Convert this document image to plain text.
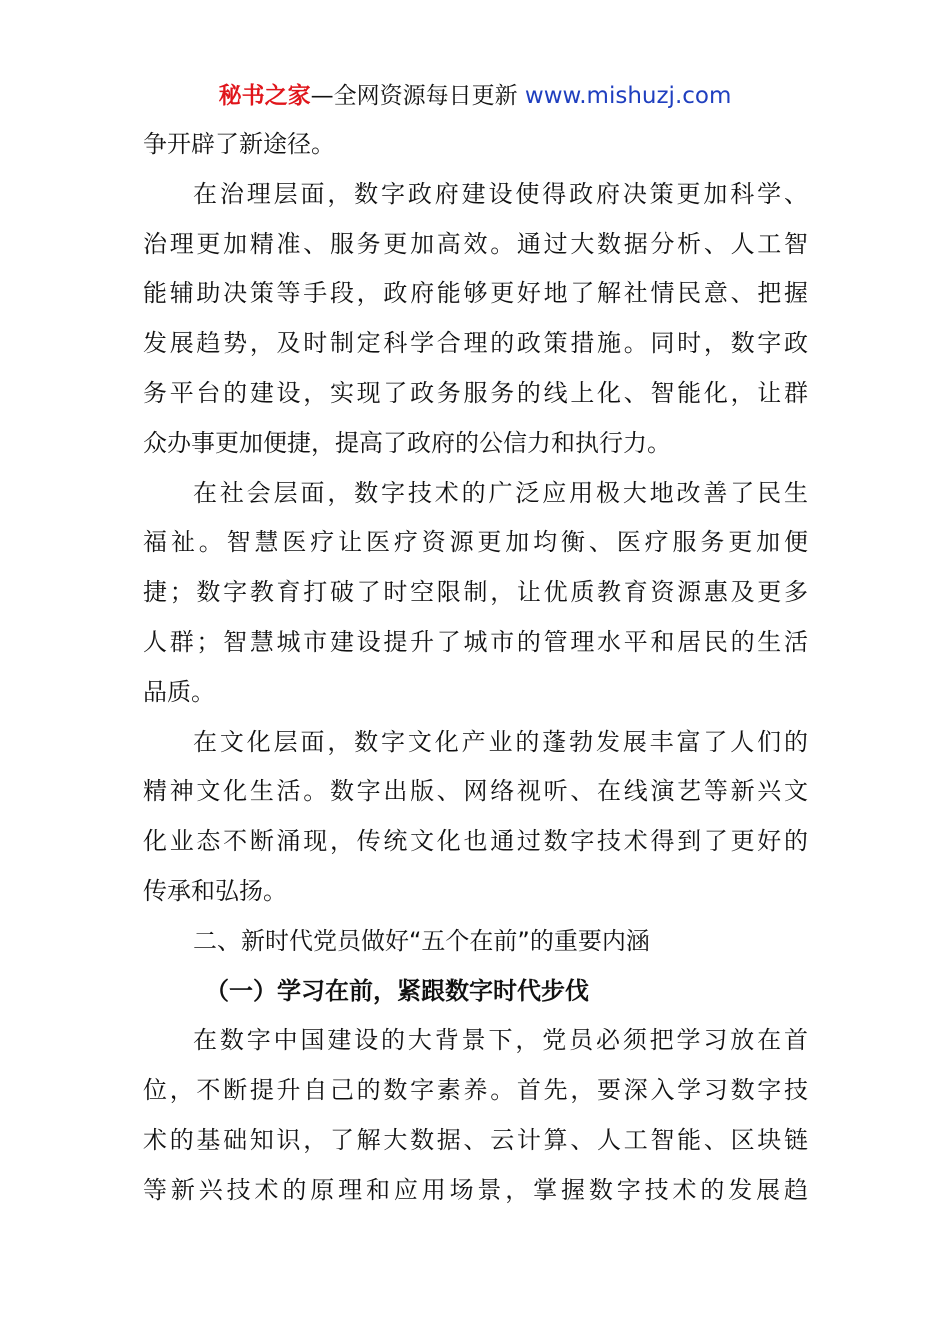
秘书之家—全网资源每日更新 www.mishuzj.com
争开辟了新途径。
在治理层面，数字政府建设使得政府决策更加科学、
治理更加精准、服务更加高效。通过大数据分析、人工智
能辅助决策等手段，政府能够更好地了解社情民意、把握
发展趋势，及时制定科学合理的政策措施。同时，数字政
务平台的建设，实现了政务服务的线上化、智能化，让群
众办事更加便捷，提高了政府的公信力和执行力。
在社会层面，数字技术的广泛应用极大地改善了民生
福祉。智慧医疗让医疗资源更加均衡、医疗服务更加便
捷；数字教育打破了时空限制，让优质教育资源惠及更多
人群；智慧城市建设提升了城市的管理水平和居民的生活
品质。
在文化层面，数字文化产业的蓬勃发展丰富了人们的
精神文化生活。数字出版、网络视听、在线演艺等新兴文
化业态不断涌现，传统文化也通过数字技术得到了更好的
传承和弘扬。
二、新时代党员做好“五个在前”的重要内涵
（一）学习在前，紧跟数字时代步伐
在数字中国建设的大背景下，党员必须把学习放在首
位，不断提升自己的数字素养。首先，要深入学习数字技
术的基础知识，了解大数据、云计算、人工智能、区块链
等新兴技术的原理和应用场景，掌握数字技术的发展趋
